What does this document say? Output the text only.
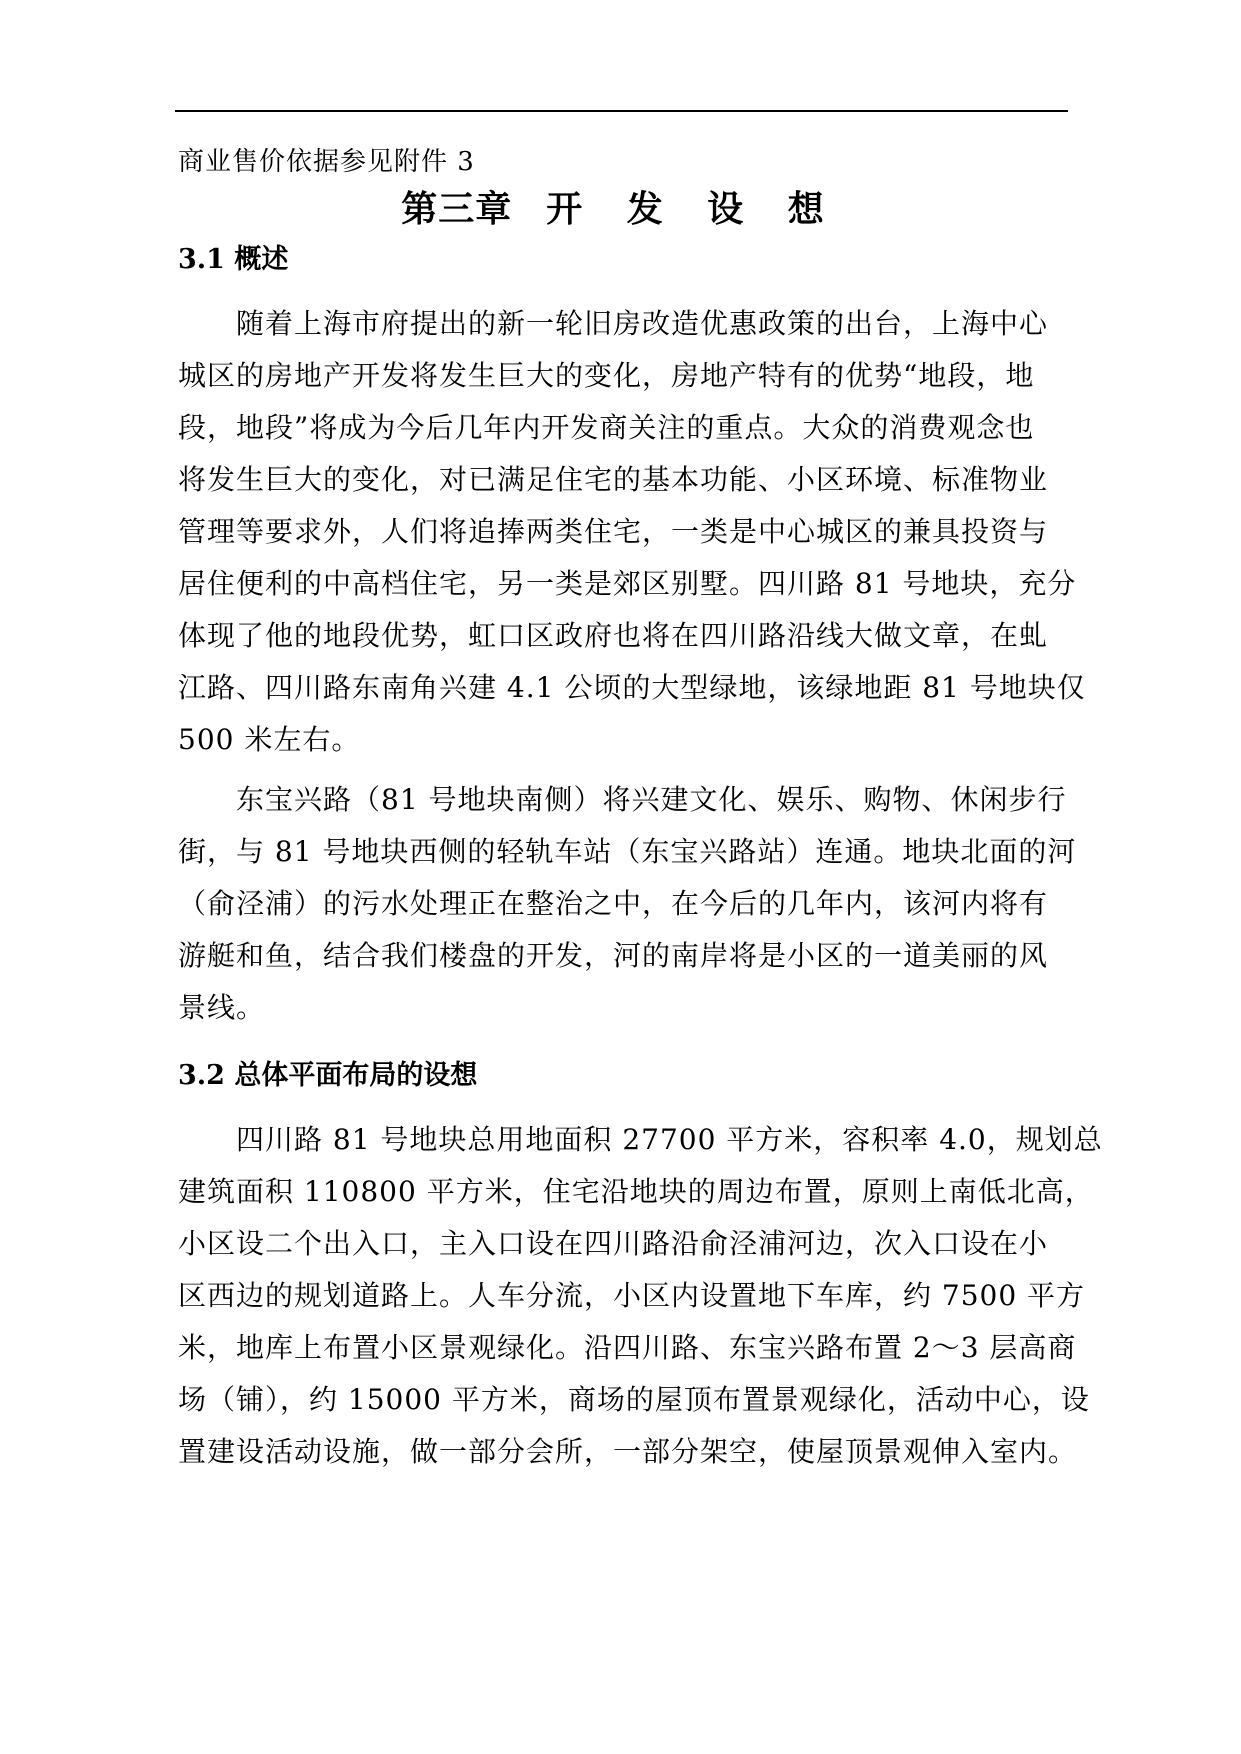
商业售价依据参见附件 3
第三章 开 发 设 想
3.1 概述
随着上海市府提出的新一轮旧房改造优惠政策的出台，上海中心
城区的房地产开发将发生巨大的变化，房地产特有的优势“地段，地
段，地段”将成为今后几年内开发商关注的重点。大众的消费观念也
将发生巨大的变化，对已满足住宅的基本功能、小区环境、标准物业
管理等要求外，人们将追捧两类住宅，一类是中心城区的兼具投资与
居住便利的中高档住宅，另一类是郊区别墅。四川路 81 号地块，充分
体现了他的地段优势，虹口区政府也将在四川路沿线大做文章，在虬
江路、四川路东南角兴建 4.1 公顷的大型绿地，该绿地距 81 号地块仅
500 米左右。
东宝兴路（81 号地块南侧）将兴建文化、娱乐、购物、休闲步行
街，与 81 号地块西侧的轻轨车站（东宝兴路站）连通。地块北面的河
（俞泾浦）的污水处理正在整治之中，在今后的几年内，该河内将有
游艇和鱼，结合我们楼盘的开发，河的南岸将是小区的一道美丽的风
景线。
3.2 总体平面布局的设想
四川路 81 号地块总用地面积 27700 平方米，容积率 4.0，规划总
建筑面积 110800 平方米，住宅沿地块的周边布置，原则上南低北高，
小区设二个出入口，主入口设在四川路沿俞泾浦河边，次入口设在小
区西边的规划道路上。人车分流，小区内设置地下车库，约 7500 平方
米，地库上布置小区景观绿化。沿四川路、东宝兴路布置 2～3 层高商
场（铺），约 15000 平方米，商场的屋顶布置景观绿化，活动中心，设
置建设活动设施，做一部分会所，一部分架空，使屋顶景观伸入室内。
